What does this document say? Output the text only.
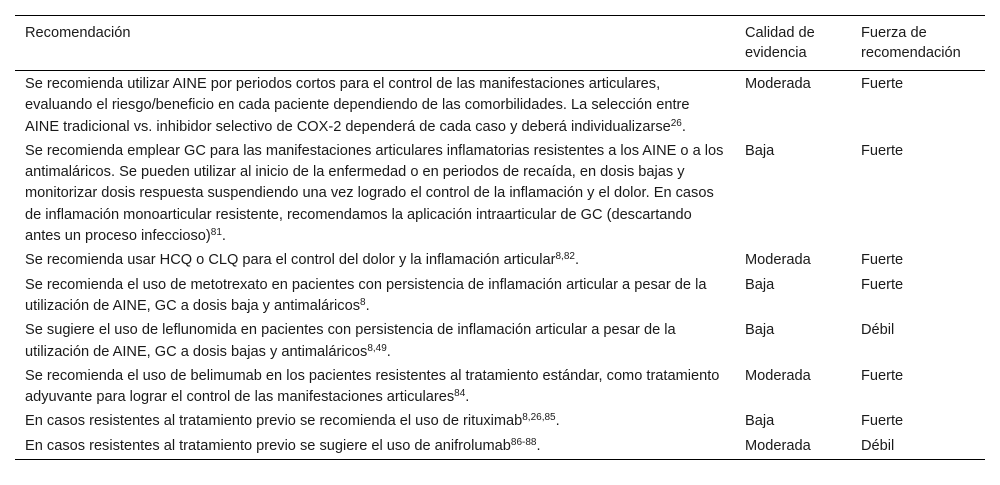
Recomendación	Calidad de evidencia	Fuerza de recomendación
Se recomienda utilizar AINE por periodos cortos para el control de las manifestaciones articulares, evaluando el riesgo/beneficio en cada paciente dependiendo de las comorbilidades. La selección entre AINE tradicional vs. inhibidor selectivo de COX-2 dependerá de cada caso y deberá individualizarse$^{26}$.	Moderada	Fuerte
Se recomienda emplear GC para las manifestaciones articulares inflamatorias resistentes a los AINE o a los antimaláricos. Se pueden utilizar al inicio de la enfermedad o en periodos de recaída, en dosis bajas y monitorizar dosis respuesta suspendiendo una vez logrado el control de la inflamación y el dolor. En casos de inflamación monoarticular resistente, recomendamos la aplicación intraarticular de GC (descartando antes un proceso infeccioso)$^{81}$.	Baja	Fuerte
Se recomienda usar HCQ o CLQ para el control del dolor y la inflamación articular$^{8,82}$.	Moderada	Fuerte
Se recomienda el uso de metotrexato en pacientes con persistencia de inflamación articular a pesar de la utilización de AINE, GC a dosis baja y antimaláricos$^8$.	Baja	Fuerte
Se sugiere el uso de leflunomida en pacientes con persistencia de inflamación articular a pesar de la utilización de AINE, GC a dosis bajas y antimaláricos$^{8,49}$.	Baja	Débil
Se recomienda el uso de belimumab en los pacientes resistentes al tratamiento estándar, como tratamiento adyuvante para lograr el control de las manifestaciones articulares$^{84}$.	Moderada	Fuerte
En casos resistentes al tratamiento previo se recomienda el uso de rituximab$^{8,26,85}$.	Baja	Fuerte
En casos resistentes al tratamiento previo se sugiere el uso de anifrolumab$^{86-88}$.	Moderada	Débil
